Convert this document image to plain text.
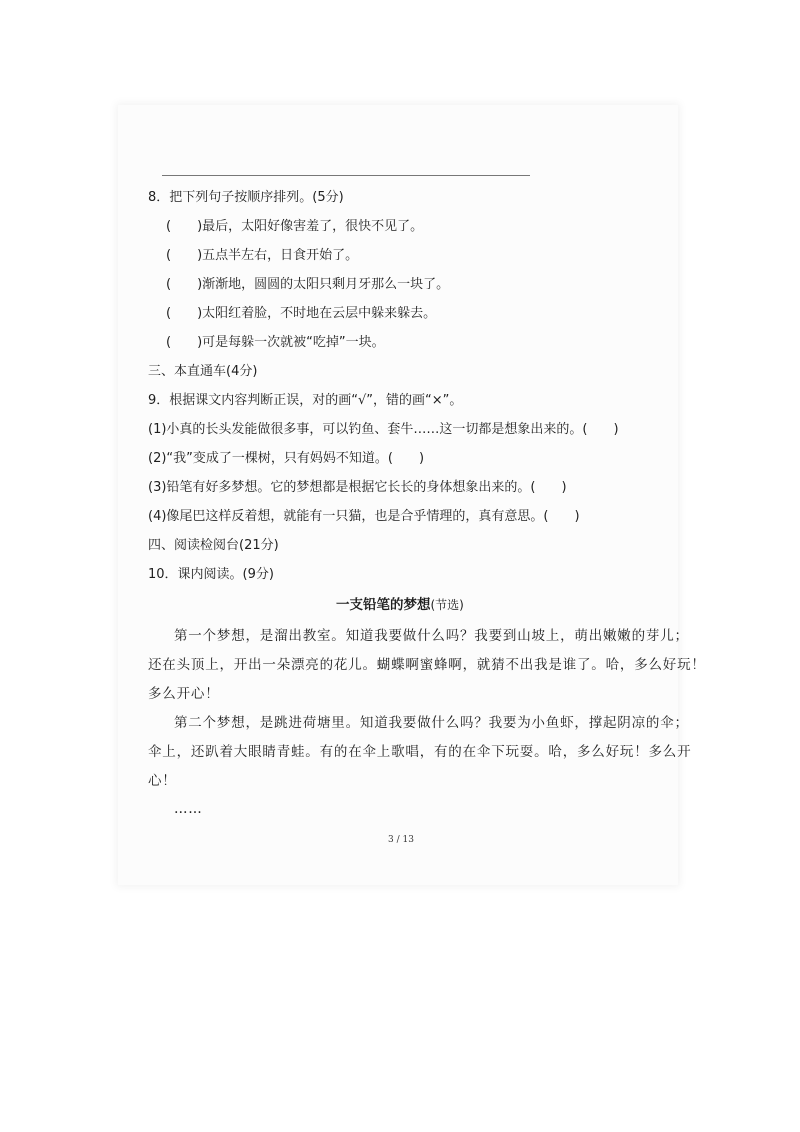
8．把下列句子按顺序排列。(5分)
(　　)最后，太阳好像害羞了，很快不见了。
(　　)五点半左右，日食开始了。
(　　)渐渐地，圆圆的太阳只剩月牙那么一块了。
(　　)太阳红着脸，不时地在云层中躲来躲去。
(　　)可是每躲一次就被“吃掉”一块。
三、本直通车(4分)
9．根据课文内容判断正误，对的画“√”，错的画“×”。
(1)小真的长头发能做很多事，可以钓鱼、套牛……这一切都是想象出来的。(　　)
(2)“我”变成了一棵树，只有妈妈不知道。(　　)
(3)铅笔有好多梦想。它的梦想都是根据它长长的身体想象出来的。(　　)
(4)像尾巴这样反着想，就能有一只猫，也是合乎情理的，真有意思。(　　)
四、阅读检阅台(21分)
10．课内阅读。(9分)
一支铅笔的梦想(节选)
第一个梦想，是溜出教室。知道我要做什么吗？我要到山坡上，萌出嫩嫩的芽儿；
还在头顶上，开出一朵漂亮的花儿。蝴蝶啊蜜蜂啊，就猜不出我是谁了。哈，多么好玩！
多么开心！
第二个梦想，是跳进荷塘里。知道我要做什么吗？我要为小鱼虾，撑起阴凉的伞；
伞上，还趴着大眼睛青蛙。有的在伞上歌唱，有的在伞下玩耍。哈，多么好玩！多么开
心！
……
3 / 13
